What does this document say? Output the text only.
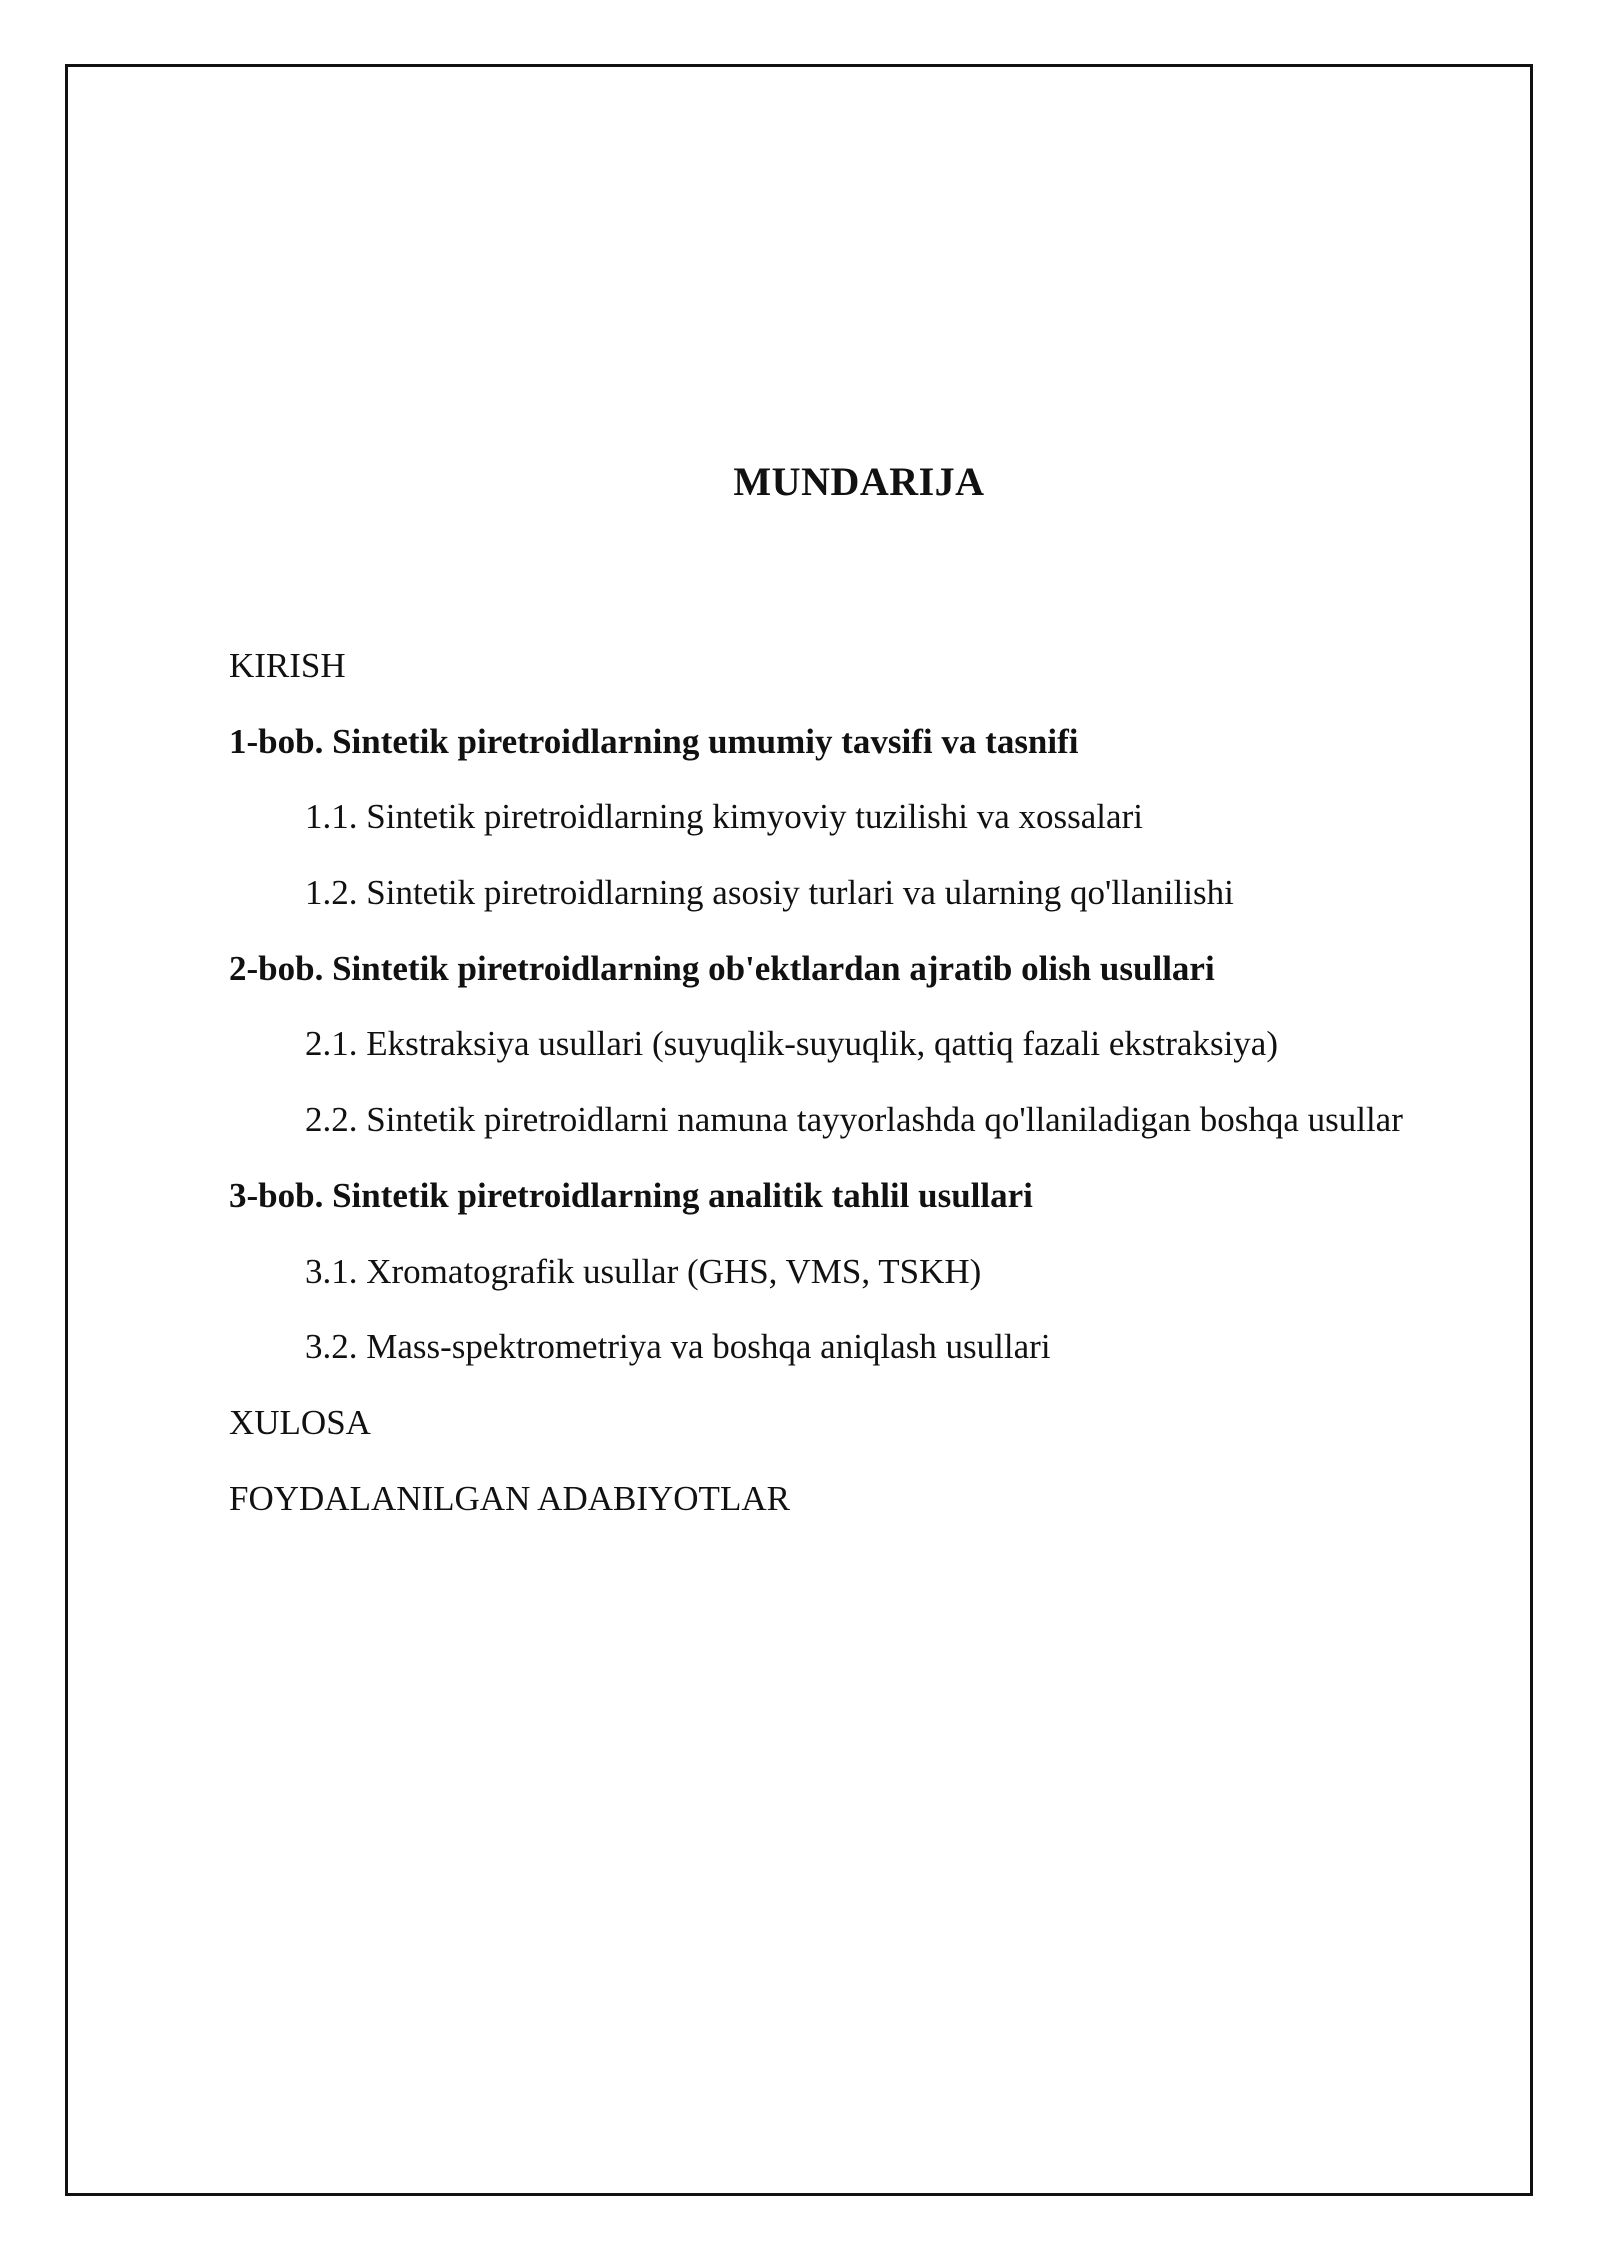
MUNDARIJA
KIRISH
1-bob. Sintetik piretroidlarning umumiy tavsifi va tasnifi
1.1. Sintetik piretroidlarning kimyoviy tuzilishi va xossalari
1.2. Sintetik piretroidlarning asosiy turlari va ularning qo'llanilishi
2-bob. Sintetik piretroidlarning ob'ektlardan ajratib olish usullari
2.1. Ekstraksiya usullari (suyuqlik-suyuqlik, qattiq fazali ekstraksiya)
2.2. Sintetik piretroidlarni namuna tayyorlashda qo'llaniladigan boshqa usullar
3-bob. Sintetik piretroidlarning analitik tahlil usullari
3.1. Xromatografik usullar (GHS, VMS, TSKH)
3.2. Mass-spektrometriya va boshqa aniqlash usullari
XULOSA
FOYDALANILGAN ADABIYOTLAR
